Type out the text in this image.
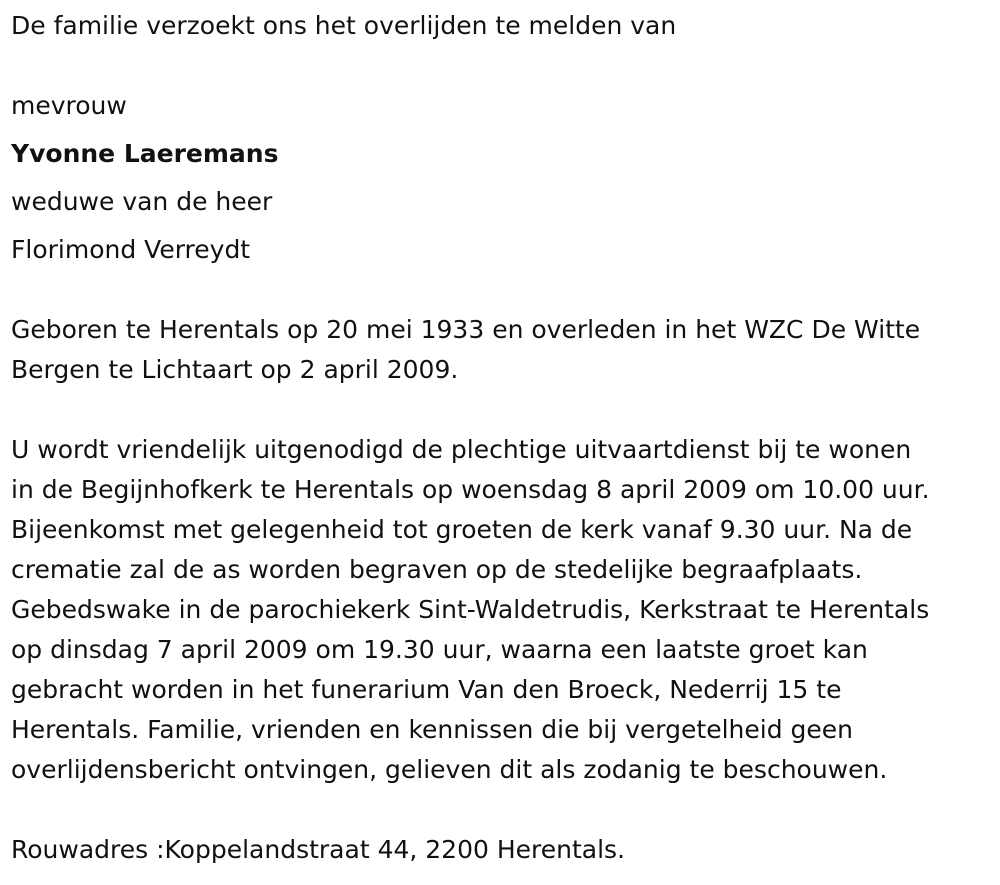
De familie verzoekt ons het overlijden te melden van

mevrouw

Yvonne Laeremans

weduwe van de heer

Florimond Verreydt

Geboren te Herentals op 20 mei 1933 en overleden in het WZC De Witte
Bergen te Lichtaart op 2 april 2009.

U wordt vriendelijk uitgenodigd de plechtige uitvaartdienst bij te wonen
in de Begijnhofkerk te Herentals op woensdag 8 april 2009 om 10.00 uur.
Bijeenkomst met gelegenheid tot groeten de kerk vanaf 9.30 uur. Na de
crematie zal de as worden begraven op de stedelijke begraafplaats.
Gebedswake in de parochiekerk Sint-Waldetrudis, Kerkstraat te Herentals
op dinsdag 7 april 2009 om 19.30 uur, waarna een laatste groet kan
gebracht worden in het funerarium Van den Broeck, Nederrij 15 te
Herentals. Familie, vrienden en kennissen die bij vergetelheid geen
overlijdensbericht ontvingen, gelieven dit als zodanig te beschouwen.

Rouwadres :Koppelandstraat 44, 2200 Herentals.
